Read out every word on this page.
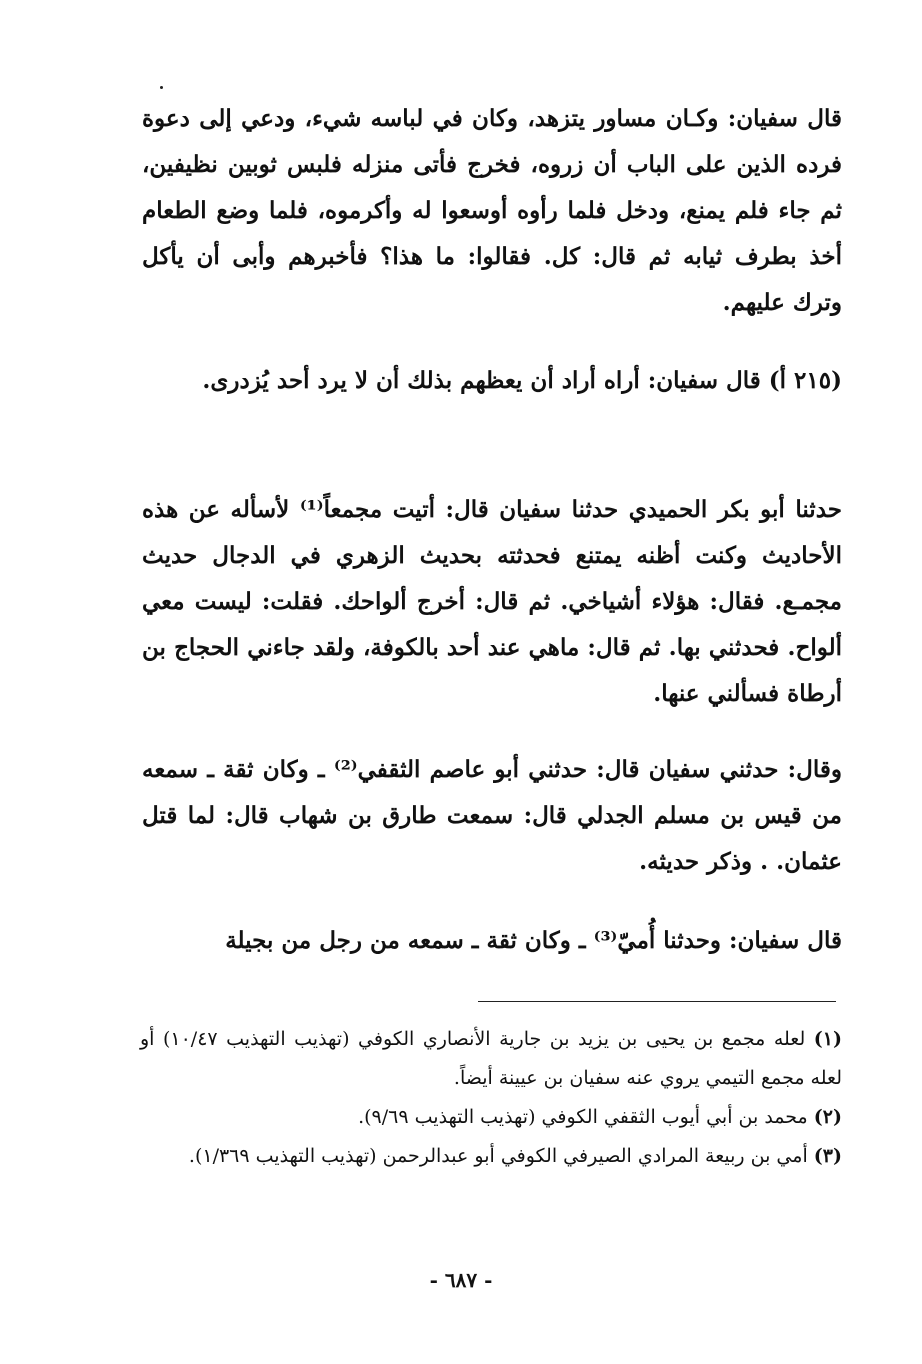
قال سفيان: وكـان مساور يتزهد، وكان في لباسه شيء، ودعي إلى دعوة فرده الذين على الباب أن زروه، فخرج فأتى منزله فلبس ثوبين نظيفين، ثم جاء فلم يمنع، ودخل فلما رأوه أوسعوا له وأكرموه، فلما وضع الطعام أخذ بطرف ثيابه ثم قال: كل. فقالوا: ما هذا؟ فأخبرهم وأبى أن يأكل وترك عليهم.

(٢١٥ أ) قال سفيان: أراه أراد أن يعظهم بذلك أن لا يرد أحد يُزدرى.

حدثنا أبو بكر الحميدي حدثنا سفيان قال: أتيت مجمعاً⁽¹⁾ لأسأله عن هذه الأحاديث وكنت أظنه يمتنع فحدثته بحديث الزهري في الدجال حديث مجمـع. فقال: هؤلاء أشياخي. ثم قال: أخرج ألواحك. فقلت: ليست معي ألواح. فحدثني بها. ثم قال: ماهي عند أحد بالكوفة، ولقد جاءني الحجاج بن أرطاة فسألني عنها.

وقال: حدثني سفيان قال: حدثني أبو عاصم الثقفي⁽²⁾ ـ وكان ثقة ـ سمعه من قيس بن مسلم الجدلي قال: سمعت طارق بن شهاب قال: لما قتل عثمان. . وذكر حديثه.

قال سفيان: وحدثنا أُميّ⁽³⁾ ـ وكان ثقة ـ سمعه من رجل من بجيلة

(١) لعله مجمع بن يحيى بن يزيد بن جارية الأنصاري الكوفي (تهذيب التهذيب ١٠/٤٧) أو لعله مجمع التيمي يروي عنه سفيان بن عيينة أيضاً.
(٢) محمد بن أبي أيوب الثقفي الكوفي (تهذيب التهذيب ٩/٦٩).
(٣) أمي بن ربيعة المرادي الصيرفي الكوفي أبو عبدالرحمن (تهذيب التهذيب ١/٣٦٩).
- ٦٨٧ -
